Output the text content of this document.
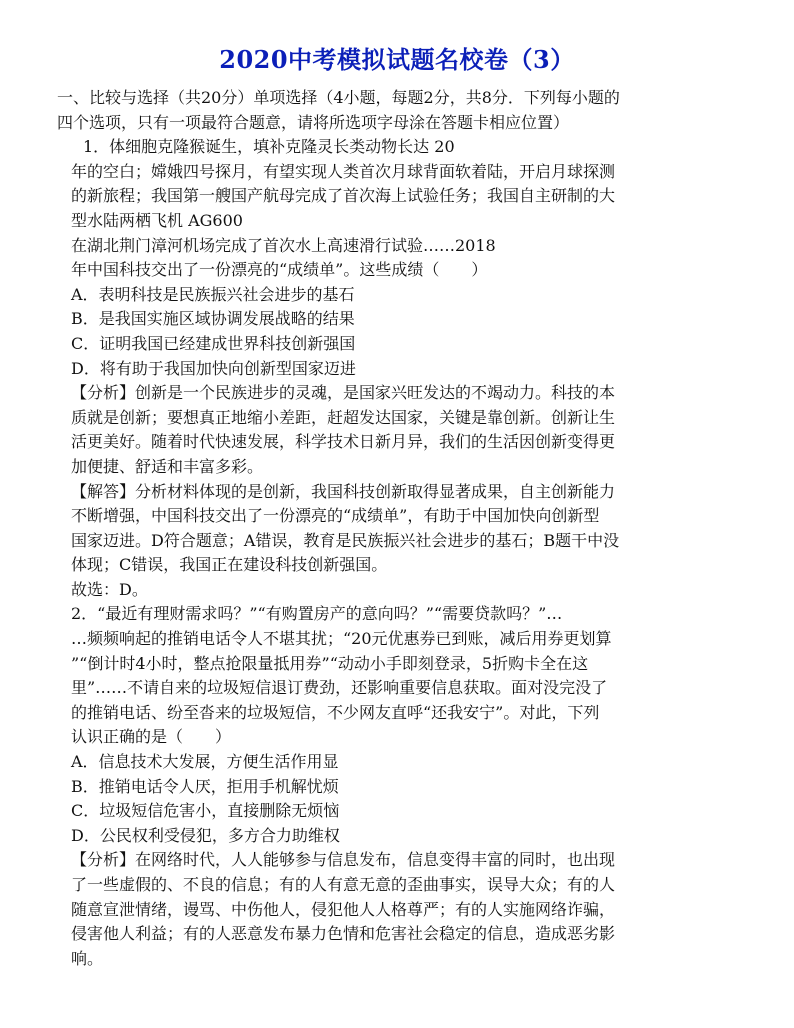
2020中考模拟试题名校卷（3）
一、比较与选择（共20分）单项选择（4小题，每题2分，共8分．下列每小题的
四个选项，只有一项最符合题意，请将所选项字母涂在答题卡相应位置）
1．体细胞克隆猴诞生，填补克隆灵长类动物长达 20
年的空白；嫦娥四号探月，有望实现人类首次月球背面软着陆，开启月球探测
的新旅程；我国第一艘国产航母完成了首次海上试验任务；我国自主研制的大
型水陆两栖飞机 AG600
在湖北荆门漳河机场完成了首次水上高速滑行试验……2018
年中国科技交出了一份漂亮的“成绩单”。这些成绩（　　）
A．表明科技是民族振兴社会进步的基石
B．是我国实施区域协调发展战略的结果
C．证明我国已经建成世界科技创新强国
D．将有助于我国加快向创新型国家迈进
【分析】创新是一个民族进步的灵魂，是国家兴旺发达的不竭动力。科技的本
质就是创新；要想真正地缩小差距，赶超发达国家，关键是靠创新。创新让生
活更美好。随着时代快速发展，科学技术日新月异，我们的生活因创新变得更
加便捷、舒适和丰富多彩。
【解答】分析材料体现的是创新，我国科技创新取得显著成果，自主创新能力
不断增强，中国科技交出了一份漂亮的“成绩单”，有助于中国加快向创新型
国家迈进。D符合题意；A错误，教育是民族振兴社会进步的基石；B题干中没
体现；C错误，我国正在建设科技创新强国。
故选：D。
2．“最近有理财需求吗？”“有购置房产的意向吗？”“需要贷款吗？”…
…频频响起的推销电话令人不堪其扰；“20元优惠券已到账，减后用券更划算
”“倒计时4小时，整点抢限量抵用券”“动动小手即刻登录，5折购卡全在这
里”……不请自来的垃圾短信退订费劲，还影响重要信息获取。面对没完没了
的推销电话、纷至沓来的垃圾短信，不少网友直呼“还我安宁”。对此，下列
认识正确的是（　　）
A．信息技术大发展，方便生活作用显
B．推销电话令人厌，拒用手机解忧烦
C．垃圾短信危害小，直接删除无烦恼
D．公民权利受侵犯，多方合力助维权
【分析】在网络时代，人人能够参与信息发布，信息变得丰富的同时，也出现
了一些虚假的、不良的信息；有的人有意无意的歪曲事实，误导大众；有的人
随意宣泄情绪，谩骂、中伤他人，侵犯他人人格尊严；有的人实施网络诈骗，
侵害他人利益；有的人恶意发布暴力色情和危害社会稳定的信息，造成恶劣影
响。
